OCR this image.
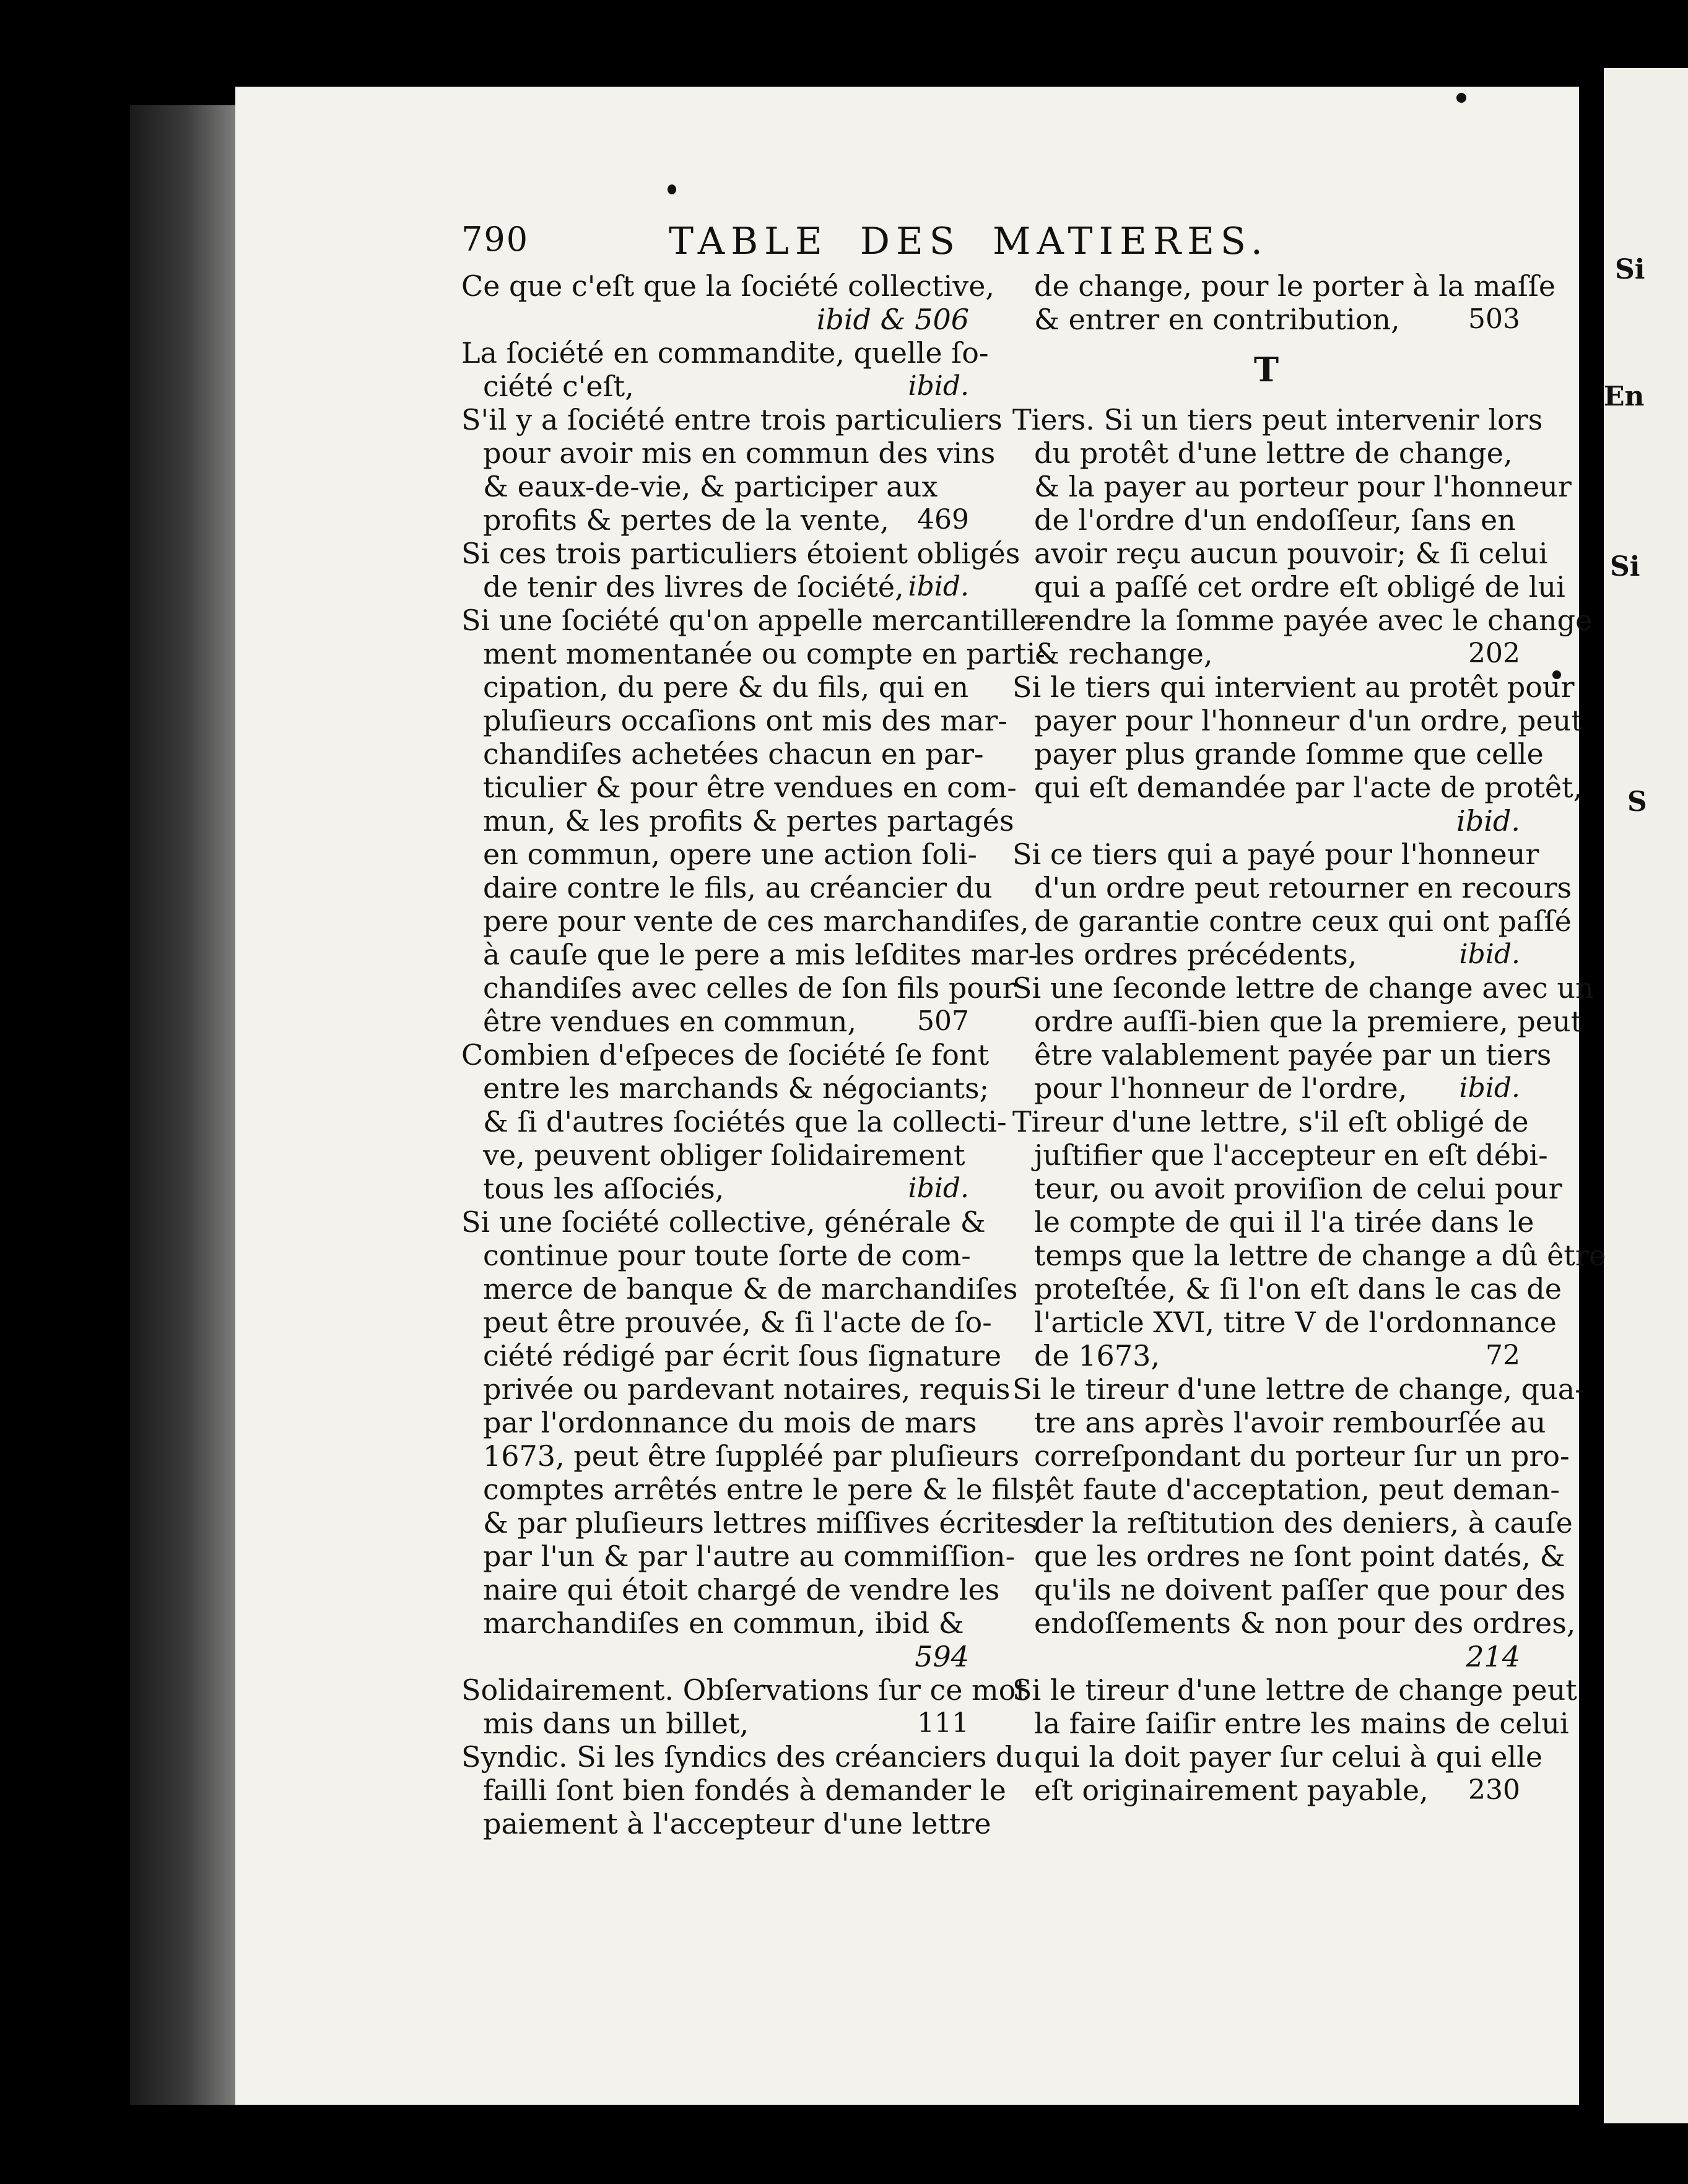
Si
En
Si
S
790	TABLE DES MATIERES.
Ce que c'eſt que la ſociété collective,
ibid & 506
La ſociété en commandite, quelle ſo-
ciété c'eſt,	ibid.
S'il y a ſociété entre trois particuliers
pour avoir mis en commun des vins
& eaux-de-vie, & participer aux
profits & pertes de la vente, 469
Si ces trois particuliers étoient obligés
de tenir des livres de ſociété, ibid.
Si une ſociété qu'on appelle mercantille-
ment momentanée ou compte en parti-
cipation, du pere & du fils, qui en
pluſieurs occaſions ont mis des mar-
chandiſes achetées chacun en par-
ticulier & pour être vendues en com-
mun, & les profits & pertes partagés
en commun, opere une action ſoli-
daire contre le fils, au créancier du
pere pour vente de ces marchandiſes,
à cauſe que le pere a mis leſdites mar-
chandiſes avec celles de ſon fils pour
être vendues en commun, 507
Combien d'eſpeces de ſociété ſe font
entre les marchands & négociants;
& ſi d'autres ſociétés que la collecti-
ve, peuvent obliger ſolidairement
tous les aſſociés,	ibid.
Si une ſociété collective, générale &
continue pour toute ſorte de com-
merce de banque & de marchandiſes
peut être prouvée, & ſi l'acte de ſo-
ciété rédigé par écrit ſous ſignature
privée ou pardevant notaires, requis
par l'ordonnance du mois de mars
1673, peut être ſuppléé par pluſieurs
comptes arrêtés entre le pere & le fils,
& par pluſieurs lettres miſſives écrites
par l'un & par l'autre au commiſſion-
naire qui étoit chargé de vendre les
marchandiſes en commun, ibid &
594
Solidairement. Obſervations ſur ce mot
mis dans un billet,	111
Syndic. Si les ſyndics des créanciers du
failli ſont bien fondés à demander le
paiement à l'accepteur d'une lettre
de change, pour le porter à la maſſe
& entrer en contribution,	503
T
Tiers. Si un tiers peut intervenir lors
du protêt d'une lettre de change,
& la payer au porteur pour l'honneur
de l'ordre d'un endoſſeur, ſans en
avoir reçu aucun pouvoir; & ſi celui
qui a paſſé cet ordre eſt obligé de lui
rendre la ſomme payée avec le change
& rechange,	202
Si le tiers qui intervient au protêt pour
payer pour l'honneur d'un ordre, peut
payer plus grande ſomme que celle
qui eſt demandée par l'acte de protêt,
ibid.
Si ce tiers qui a payé pour l'honneur
d'un ordre peut retourner en recours
de garantie contre ceux qui ont paſſé
les ordres précédents,	ibid.
Si une ſeconde lettre de change avec un
ordre auſſi-bien que la premiere, peut
être valablement payée par un tiers
pour l'honneur de l'ordre, ibid.
Tireur d'une lettre, s'il eſt obligé de
juſtifier que l'accepteur en eſt débi-
teur, ou avoit proviſion de celui pour
le compte de qui il l'a tirée dans le
temps que la lettre de change a dû être
proteſtée, & ſi l'on eſt dans le cas de
l'article XVI, titre V de l'ordonnance
de 1673,	72
Si le tireur d'une lettre de change, qua-
tre ans après l'avoir rembourſée au
correſpondant du porteur ſur un pro-
têt faute d'acceptation, peut deman-
der la reſtitution des deniers, à cauſe
que les ordres ne ſont point datés, &
qu'ils ne doivent paſſer que pour des
endoſſements & non pour des ordres,
214
Si le tireur d'une lettre de change peut
la faire ſaiſir entre les mains de celui
qui la doit payer ſur celui à qui elle
eſt originairement payable, 230
